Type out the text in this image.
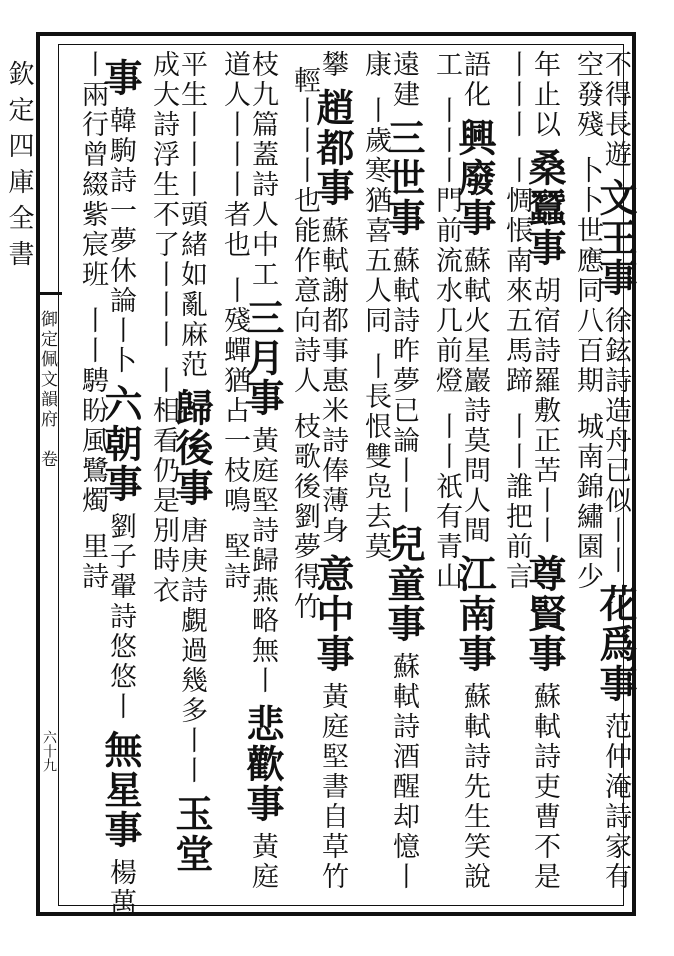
欽定四庫全書
御定佩文韻府
卷
六十九
不得長遊文王事徐鉉詩造舟已似丨丨花爲事范仲淹詩家有
空發殘卜卜世應同八百期城南錦繡園少
年止以桑蠶事胡宿詩羅敷正苦丨丨尊賢事蘇軾詩吏曹不是
丨丨丨丨惆悵南來五馬蹄丨丨誰把前言
語化興廢事蘇軾火星巖詩莫問人間江南事蘇軾詩先生笑說
工丨丨丨門前流水几前燈丨丨祇有青山
遠建三世事蘇軾詩昨夢已論丨丨兒童事蘇軾詩酒醒却憶丨
康丨歲寒猶喜五人同丨長恨雙凫去莫
攀趙都事蘇軾謝都事惠米詩俸薄身意中事黃庭堅書自草竹
輕丨丨丨也能作意向詩人枝歌後劉夢得竹
枝九篇蓋詩人中工三月事黃庭堅詩歸燕略無丨悲歡事黃庭
道人丨丨丨者也丨殘蟬猶占一枝鳴堅詩
平生丨丨丨頭緒如亂麻范歸後事唐庚詩覷過幾多丨丨玉堂
成大詩浮生不了丨丨丨丨相看仍是別時衣
事韓駒詩一夢休論丨卜六朝事劉子翬詩悠悠丨無星事楊萬
丨兩行曾綴紫宸班丨丨騁盼風鷺燭里詩
